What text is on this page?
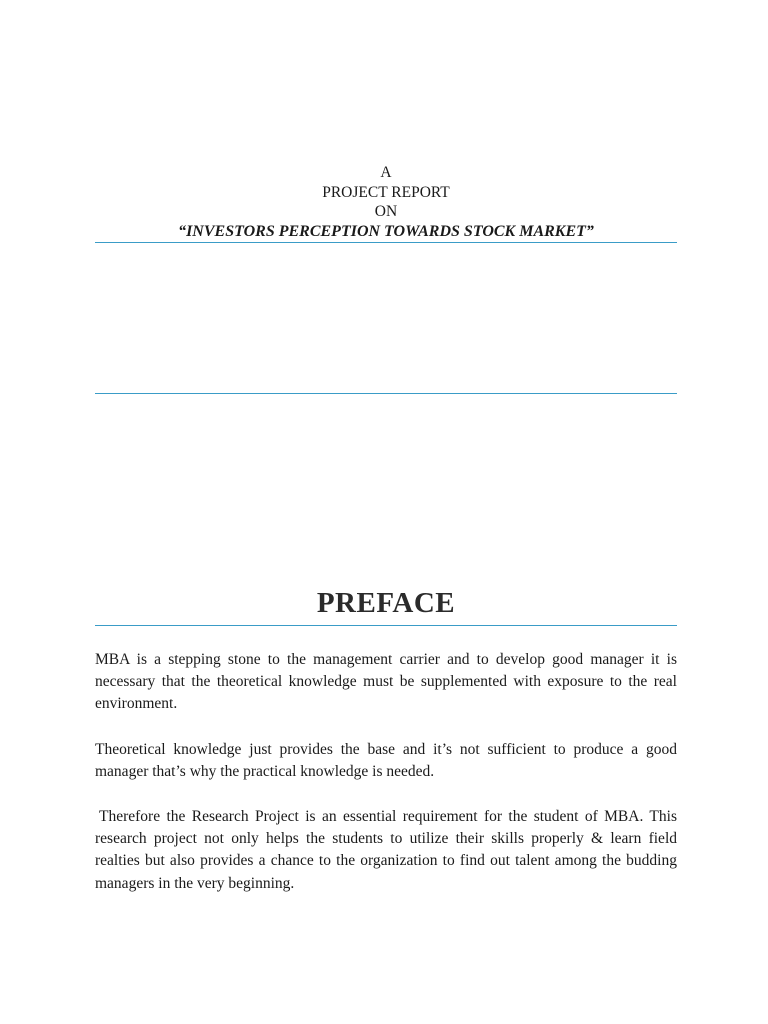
A
PROJECT REPORT
ON
“INVESTORS PERCEPTION TOWARDS STOCK MARKET”
PREFACE

MBA is a stepping stone to the management carrier and to develop good manager it is necessary that the theoretical knowledge must be supplemented with exposure to the real environment.

Theoretical knowledge just provides the base and it’s not sufficient to produce a good manager that’s why the practical knowledge is needed.

Therefore the Research Project is an essential requirement for the student of MBA. This research project not only helps the students to utilize their skills properly & learn field realties but also provides a chance to the organization to find out talent among the budding managers in the very beginning.
